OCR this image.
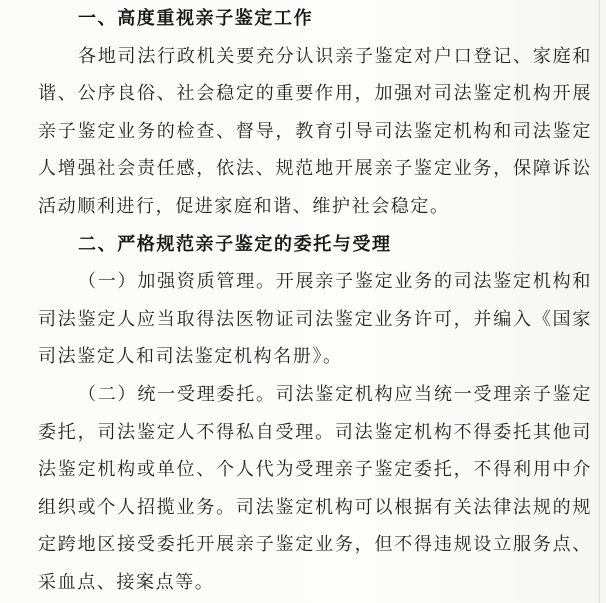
一、高度重视亲子鉴定工作
各地司法行政机关要充分认识亲子鉴定对户口登记、家庭和
谐、公序良俗、社会稳定的重要作用，加强对司法鉴定机构开展
亲子鉴定业务的检查、督导，教育引导司法鉴定机构和司法鉴定
人增强社会责任感，依法、规范地开展亲子鉴定业务，保障诉讼
活动顺利进行，促进家庭和谐、维护社会稳定。
二、严格规范亲子鉴定的委托与受理
（一）加强资质管理。开展亲子鉴定业务的司法鉴定机构和
司法鉴定人应当取得法医物证司法鉴定业务许可，并编入《国家
司法鉴定人和司法鉴定机构名册》。
（二）统一受理委托。司法鉴定机构应当统一受理亲子鉴定
委托，司法鉴定人不得私自受理。司法鉴定机构不得委托其他司
法鉴定机构或单位、个人代为受理亲子鉴定委托，不得利用中介
组织或个人招揽业务。司法鉴定机构可以根据有关法律法规的规
定跨地区接受委托开展亲子鉴定业务，但不得违规设立服务点、
采血点、接案点等。
